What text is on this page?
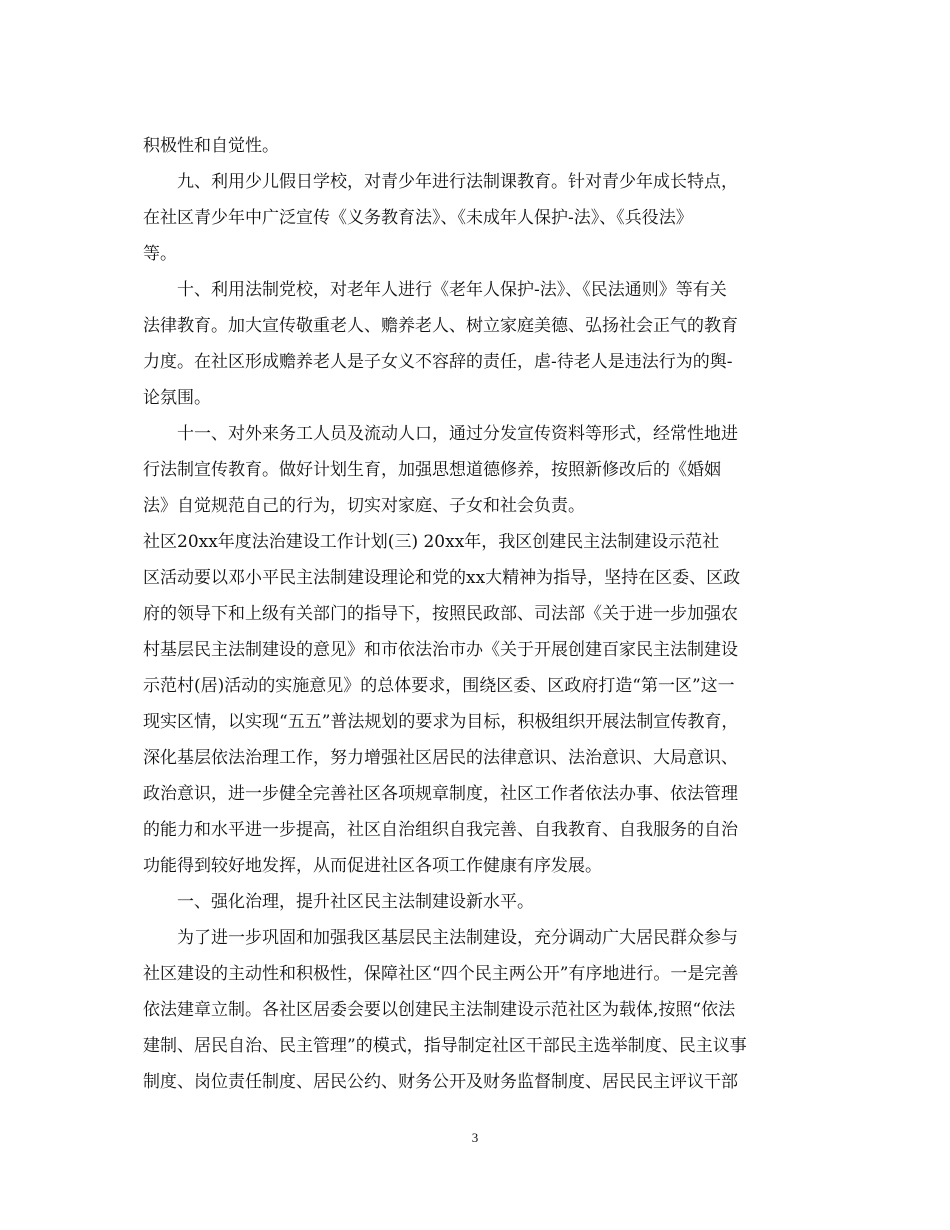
积极性和自觉性。
九、利用少儿假日学校，对青少年进行法制课教育。针对青少年成长特点，
在社区青少年中广泛宣传《义务教育法》、《未成年人保护-法》、《兵役法》
等。
十、利用法制党校，对老年人进行《老年人保护-法》、《民法通则》等有关
法律教育。加大宣传敬重老人、赡养老人、树立家庭美德、弘扬社会正气的教育
力度。在社区形成赡养老人是子女义不容辞的责任，虐-待老人是违法行为的舆-
论氛围。
十一、对外来务工人员及流动人口，通过分发宣传资料等形式，经常性地进
行法制宣传教育。做好计划生育，加强思想道德修养，按照新修改后的《婚姻
法》自觉规范自己的行为，切实对家庭、子女和社会负责。
社区20xx年度法治建设工作计划(三) 20xx年，我区创建民主法制建设示范社
区活动要以邓小平民主法制建设理论和党的xx大精神为指导，坚持在区委、区政
府的领导下和上级有关部门的指导下，按照民政部、司法部《关于进一步加强农
村基层民主法制建设的意见》和市依法治市办《关于开展创建百家民主法制建设
示范村(居)活动的实施意见》的总体要求，围绕区委、区政府打造“第一区”这一
现实区情，以实现“五五”普法规划的要求为目标，积极组织开展法制宣传教育，
深化基层依法治理工作，努力增强社区居民的法律意识、法治意识、大局意识、
政治意识，进一步健全完善社区各项规章制度，社区工作者依法办事、依法管理
的能力和水平进一步提高，社区自治组织自我完善、自我教育、自我服务的自治
功能得到较好地发挥，从而促进社区各项工作健康有序发展。
一、强化治理，提升社区民主法制建设新水平。
为了进一步巩固和加强我区基层民主法制建设，充分调动广大居民群众参与
社区建设的主动性和积极性，保障社区“四个民主两公开”有序地进行。一是完善
依法建章立制。各社区居委会要以创建民主法制建设示范社区为载体,按照“依法
建制、居民自治、民主管理”的模式，指导制定社区干部民主选举制度、民主议事
制度、岗位责任制度、居民公约、财务公开及财务监督制度、居民民主评议干部
3
